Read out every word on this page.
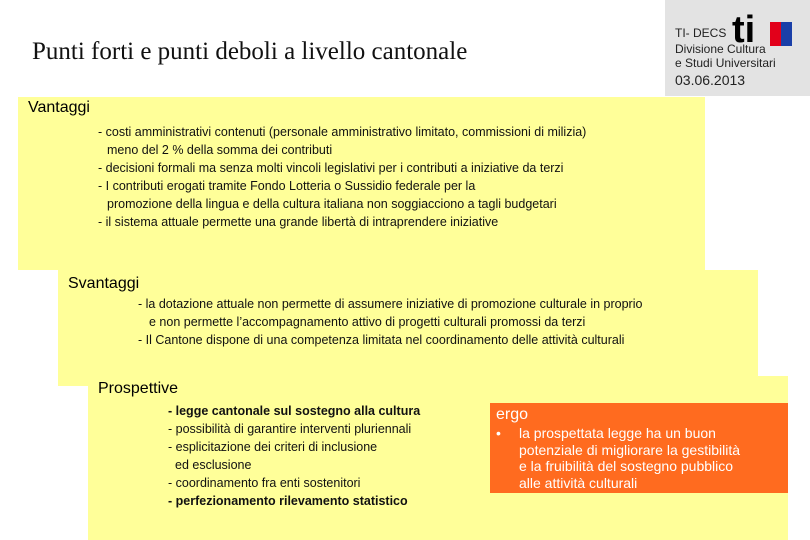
Punti forti e punti deboli a livello cantonale
TI- DECS ti
Divisione Cultura
e Studi Universitari
03.06.2013
Vantaggi
- costi amministrativi contenuti (personale amministrativo limitato, commissioni di milizia)
meno del 2 % della somma dei contributi
- decisioni formali ma senza molti vincoli legislativi per i contributi a iniziative da terzi
- I contributi erogati tramite Fondo Lotteria o Sussidio federale per la
promozione della lingua e della cultura italiana non soggiacciono a tagli budgetari
- il sistema attuale permette una grande libertà di intraprendere iniziative
Svantaggi
- la dotazione attuale non permette di assumere iniziative di promozione culturale in proprio
e non permette l’accompagnamento attivo di progetti culturali promossi da terzi
- Il Cantone dispone di una competenza limitata nel coordinamento delle attività culturali
Prospettive
- legge cantonale sul sostegno alla cultura
- possibilità di garantire interventi pluriennali
- esplicitazione dei criteri di inclusione
ed esclusione
- coordinamento fra enti sostenitori
- perfezionamento rilevamento statistico
ergo
• la prospettata legge ha un buon
potenziale di migliorare la gestibilità
e la fruibilità del sostegno pubblico
alle attività culturali
